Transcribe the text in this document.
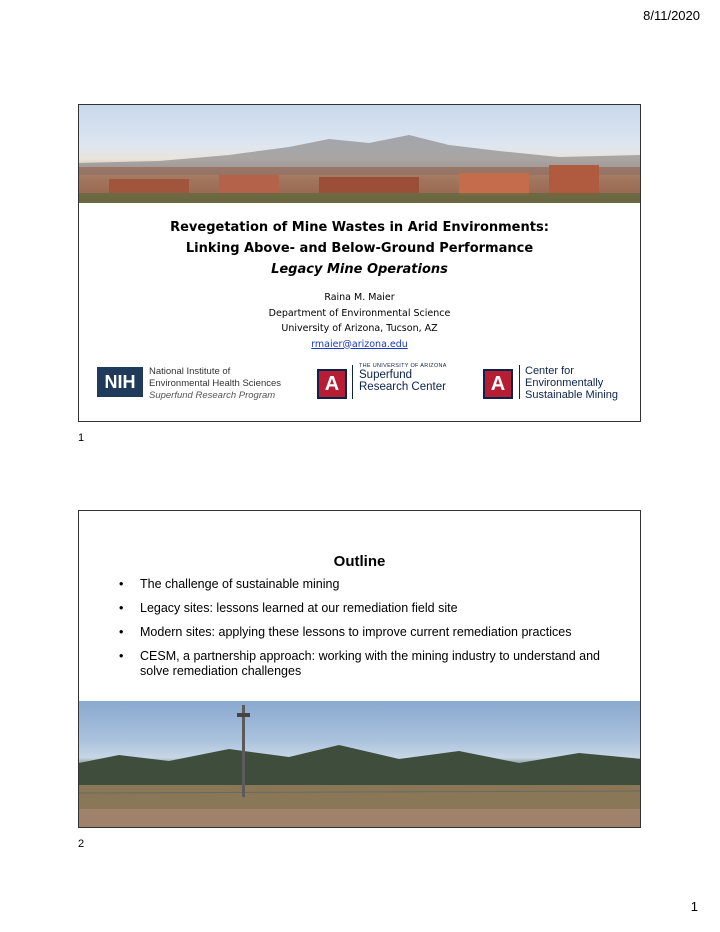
8/11/2020
Revegetation of Mine Wastes in Arid Environments:
Linking Above- and Below-Ground Performance
Legacy Mine Operations
Raina M. Maier
Department of Environmental Science
University of Arizona, Tucson, AZ
rmaier@arizona.edu
NIH	National Institute of
Environmental Health Sciences
Superfund Research Program
A
THE UNIVERSITY OF ARIZONA
Superfund
Research Center	A
Center for
Environmentally
Sustainable Mining
1
Outline
• The challenge of sustainable mining
• Legacy sites: lessons learned at our remediation field site
• Modern sites: applying these lessons to improve current remediation practices
• CESM, a partnership approach: working with the mining industry to understand and solve remediation challenges
2
1
